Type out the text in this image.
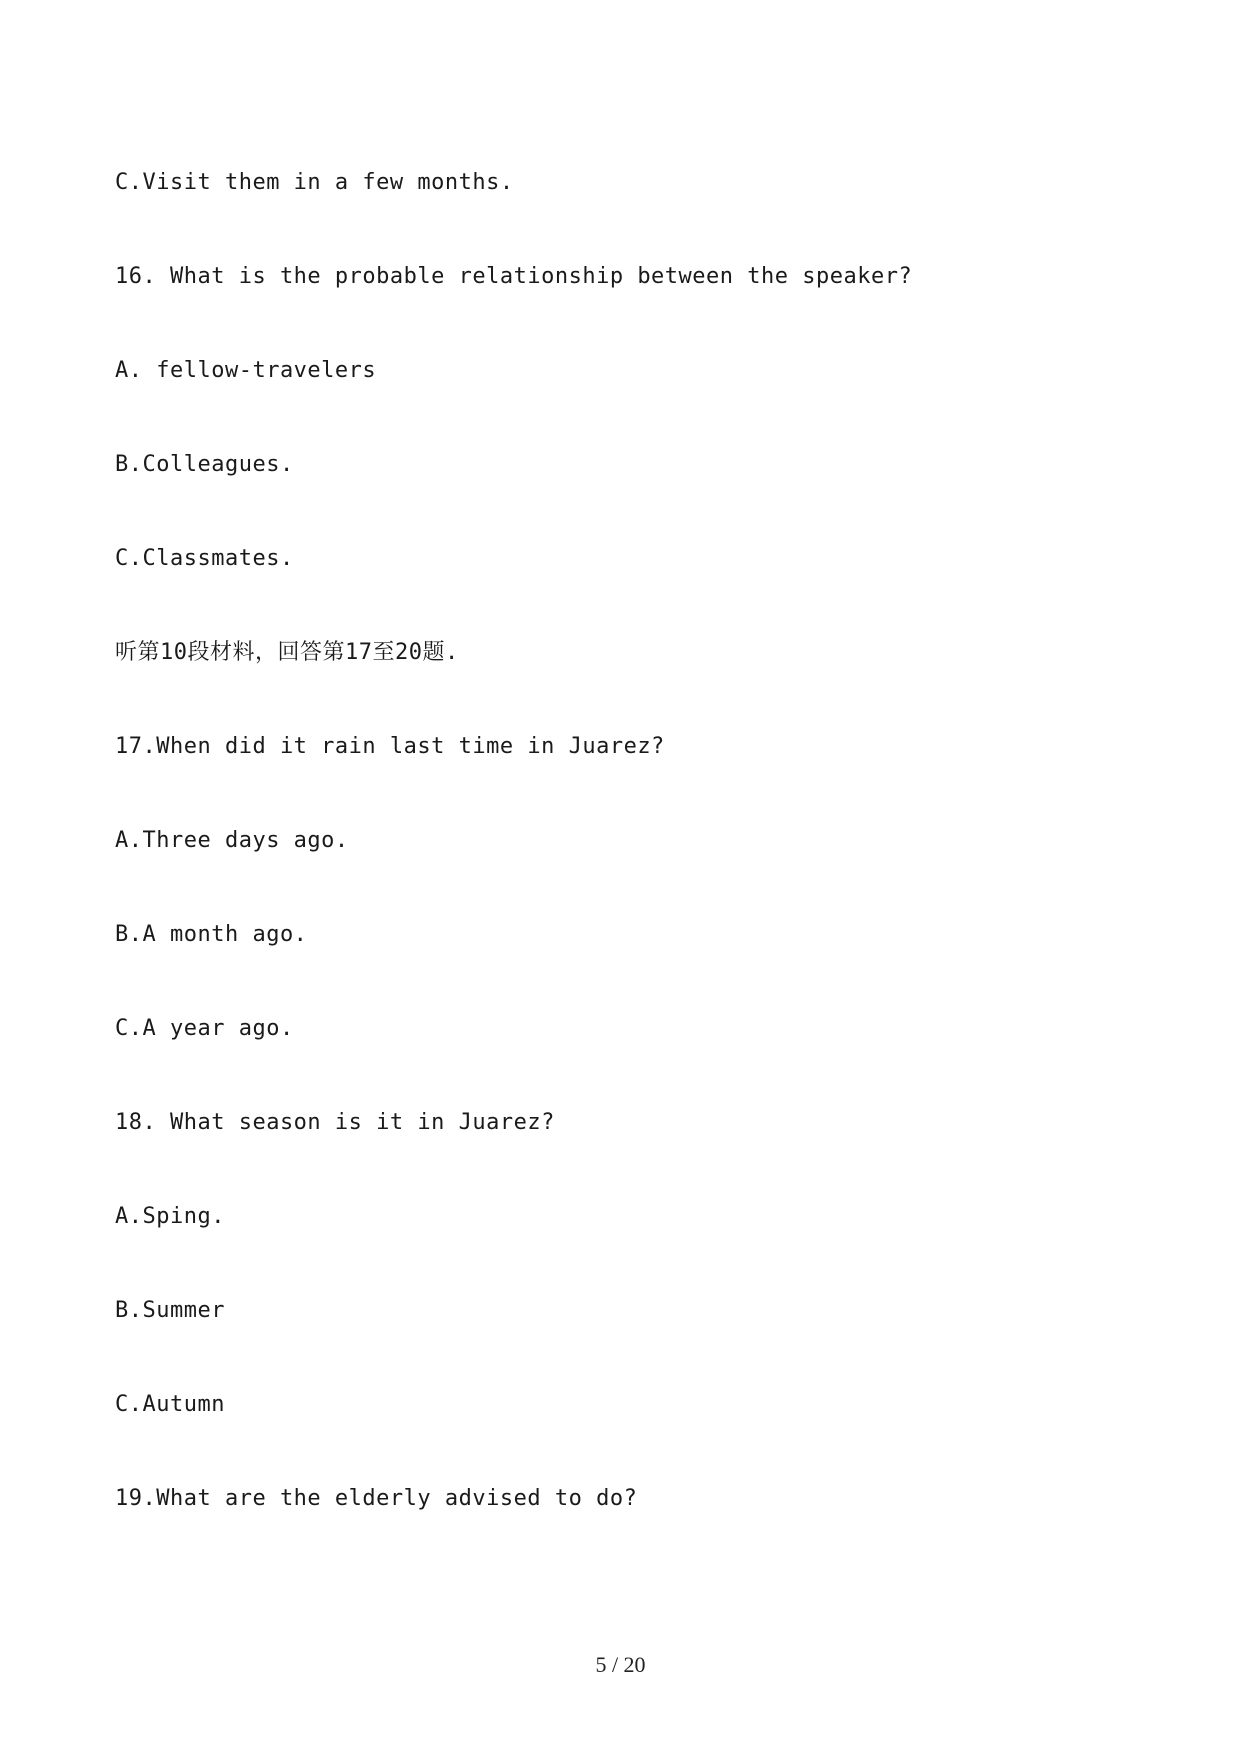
C.Visit them in a few months.
16. What is the probable relationship between the speaker?
A. fellow-travelers
B.Colleagues.
C.Classmates.
听第10段材料，回答第17至20题.
17.When did it rain last time in Juarez?
A.Three days ago.
B.A month ago.
C.A year ago.
18. What season is it in Juarez?
A.Sping.
B.Summer
C.Autumn
19.What are the elderly advised to do?
5 / 20
